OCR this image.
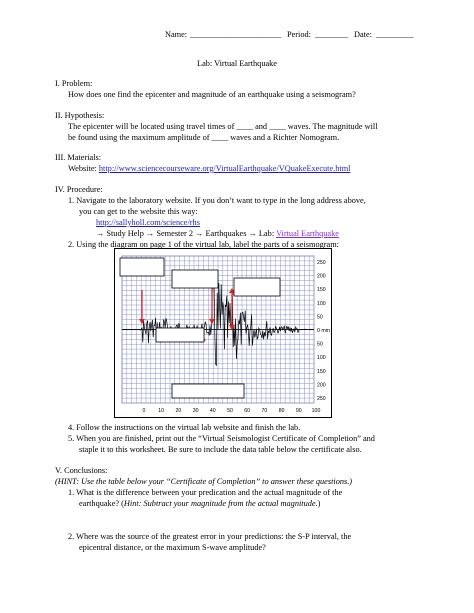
Name: ______________________ Period: ________ Date: _________
Lab: Virtual Earthquake
I. Problem:
How does one find the epicenter and magnitude of an earthquake using a seismogram?
II. Hypothesis:
The epicenter will be located using travel times of ____ and ____ waves. The magnitude will
be found using the maximum amplitude of ____ waves and a Richter Nomogram.
III. Materials:
Website: http://www.sciencecourseware.org/VirtualEarthquake/VQuakeExecute.html
IV. Procedure:
1. Navigate to the laboratory website. If you don’t want to type in the long address above,
you can get to the website this way:
http://sallyholl.com/science/rhs
→ Study Help → Semester 2 → Earthquakes → Lab: Virtual Earthquake
2. Using the diagram on page 1 of the virtual lab, label the parts of a seismogram:
250
200
150
100
50
0 mm
50
100
150
200
250
0 10 20 30 40 50 60 70 80 90 100
4. Follow the instructions on the virtual lab website and finish the lab.
5. When you are finished, print out the “Virtual Seismologist Certificate of Completion” and
staple it to this worksheet. Be sure to include the data table below the certificate also.
V. Conclusions:
(HINT: Use the table below your “Certificate of Completion” to answer these questions.)
1. What is the difference between your predication and the actual magnitude of the
earthquake? (Hint: Subtract your magnitude from the actual magnitude.)
2. Where was the source of the greatest error in your predictions: the S-P interval, the
epicentral distance, or the maximum S-wave amplitude?
